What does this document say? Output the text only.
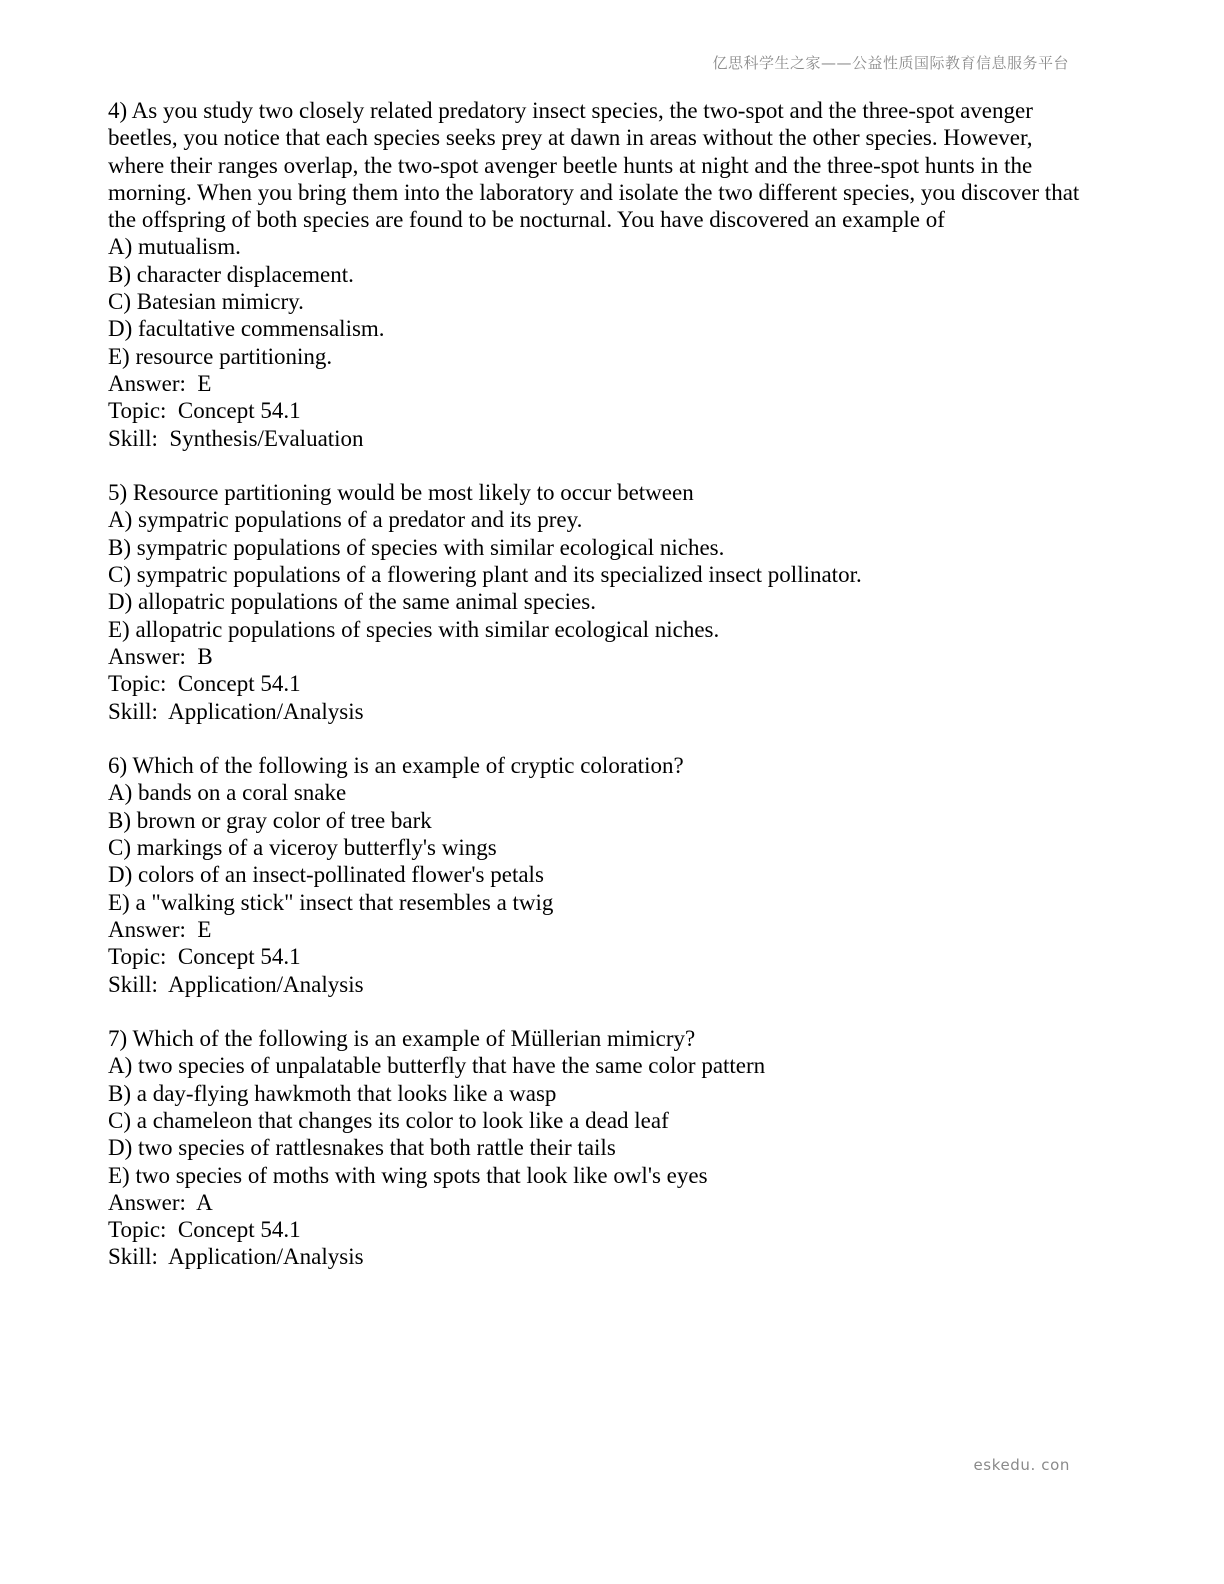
亿思科学生之家——公益性质国际教育信息服务平台
4) As you study two closely related predatory insect species, the two-spot and the three-spot avenger beetles, you notice that each species seeks prey at dawn in areas without the other species. However, where their ranges overlap, the two-spot avenger beetle hunts at night and the three-spot hunts in the morning. When you bring them into the laboratory and isolate the two different species, you discover that the offspring of both species are found to be nocturnal. You have discovered an example of
A) mutualism.
B) character displacement.
C) Batesian mimicry.
D) facultative commensalism.
E) resource partitioning.
Answer:  E
Topic:  Concept 54.1
Skill:  Synthesis/Evaluation
5) Resource partitioning would be most likely to occur between
A) sympatric populations of a predator and its prey.
B) sympatric populations of species with similar ecological niches.
C) sympatric populations of a flowering plant and its specialized insect pollinator.
D) allopatric populations of the same animal species.
E) allopatric populations of species with similar ecological niches.
Answer:  B
Topic:  Concept 54.1
Skill:  Application/Analysis
6) Which of the following is an example of cryptic coloration?
A) bands on a coral snake
B) brown or gray color of tree bark
C) markings of a viceroy butterfly's wings
D) colors of an insect-pollinated flower's petals
E) a "walking stick" insect that resembles a twig
Answer:  E
Topic:  Concept 54.1
Skill:  Application/Analysis
7) Which of the following is an example of Müllerian mimicry?
A) two species of unpalatable butterfly that have the same color pattern
B) a day-flying hawkmoth that looks like a wasp
C) a chameleon that changes its color to look like a dead leaf
D) two species of rattlesnakes that both rattle their tails
E) two species of moths with wing spots that look like owl's eyes
Answer:  A
Topic:  Concept 54.1
Skill:  Application/Analysis
eskedu. con
